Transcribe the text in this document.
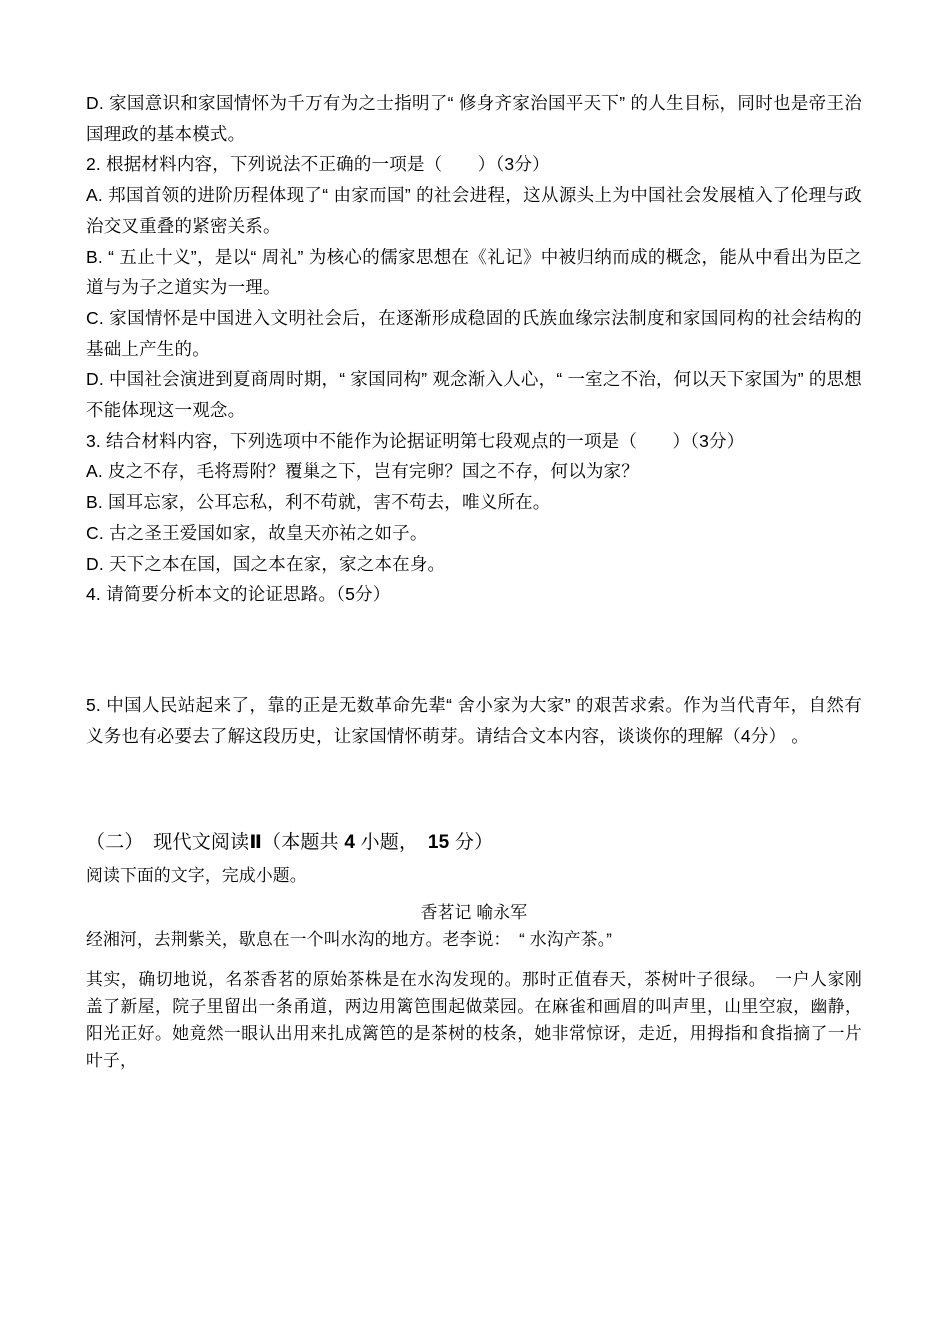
D. 家国意识和家国情怀为千万有为之士指明了“ 修身齐家治国平天下” 的人生目标，同时也是帝王治国理政的基本模式。

2. 根据材料内容，下列说法不正确的一项是（　　）（3分）

A. 邦国首领的进阶历程体现了“ 由家而国” 的社会进程，这从源头上为中国社会发展植入了伦理与政治交叉重叠的紧密关系。

B. “ 五止十义”，是以“ 周礼” 为核心的儒家思想在《礼记》中被归纳而成的概念，能从中看出为臣之道与为子之道实为一理。

C. 家国情怀是中国进入文明社会后，在逐渐形成稳固的氏族血缘宗法制度和家国同构的社会结构的基础上产生的。

D. 中国社会演进到夏商周时期，“ 家国同构” 观念渐入人心，“ 一室之不治，何以天下家国为” 的思想不能体现这一观念。

3. 结合材料内容，下列选项中不能作为论据证明第七段观点的一项是（　　）（3分）

A. 皮之不存，毛将焉附？覆巢之下，岂有完卵？国之不存，何以为家？

B. 国耳忘家，公耳忘私，利不苟就，害不苟去，唯义所在。

C. 古之圣王爱国如家，故皇天亦祐之如子。

D. 天下之本在国，国之本在家，家之本在身。

4. 请简要分析本文的论证思路。（5分）

5. 中国人民站起来了，靠的正是无数革命先辈“ 舍小家为大家” 的艰苦求索。作为当代青年，自然有义务也有必要去了解这段历史，让家国情怀萌芽。请结合文本内容，谈谈你的理解（4分） 。

（二）　现代文阅读Ⅱ（本题共 4 小题，　15 分）

阅读下面的文字，完成小题。

香茗记 喻永军

经湘河，去荆紫关，歇息在一个叫水沟的地方。老李说：　“ 水沟产茶。”

其实，确切地说，名茶香茗的原始茶株是在水沟发现的。那时正值春天，茶树叶子很绿。　一户人家刚　盖了新屋，院子里留出一条甬道，两边用篱笆围起做菜园。在麻雀和画眉的叫声里，山里空寂，幽静，阳光正好。她竟然一眼认出用来扎成篱笆的是茶树的枝条，她非常惊讶，走近，用拇指和食指摘了一片叶子，
